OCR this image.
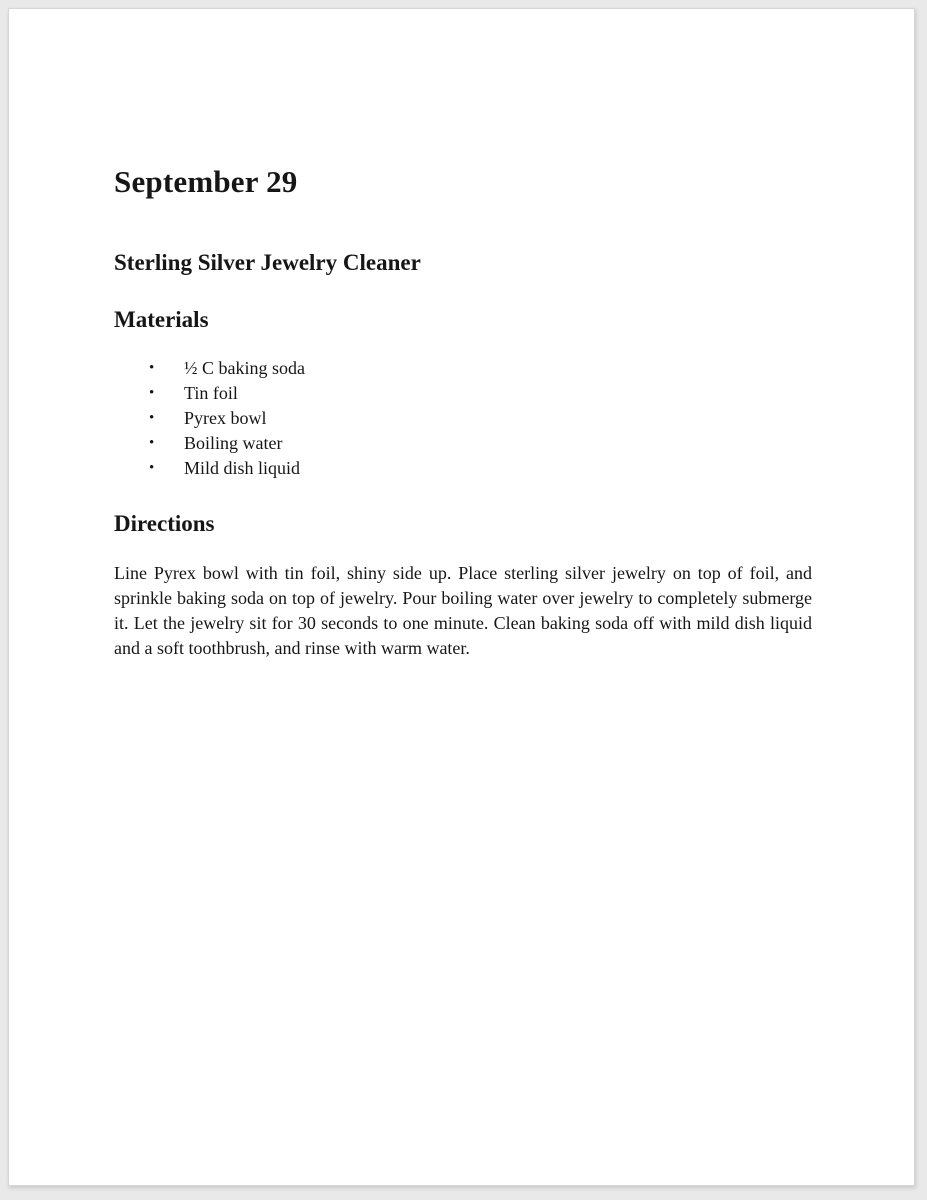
September 29
Sterling Silver Jewelry Cleaner
Materials
• ½ C baking soda
• Tin foil
• Pyrex bowl
• Boiling water
• Mild dish liquid
Directions

Line Pyrex bowl with tin foil, shiny side up. Place sterling silver jewelry on top of foil, and sprinkle baking soda on top of jewelry. Pour boiling water over jewelry to completely submerge it. Let the jewelry sit for 30 seconds to one minute. Clean baking soda off with mild dish liquid and a soft toothbrush, and rinse with warm water.
